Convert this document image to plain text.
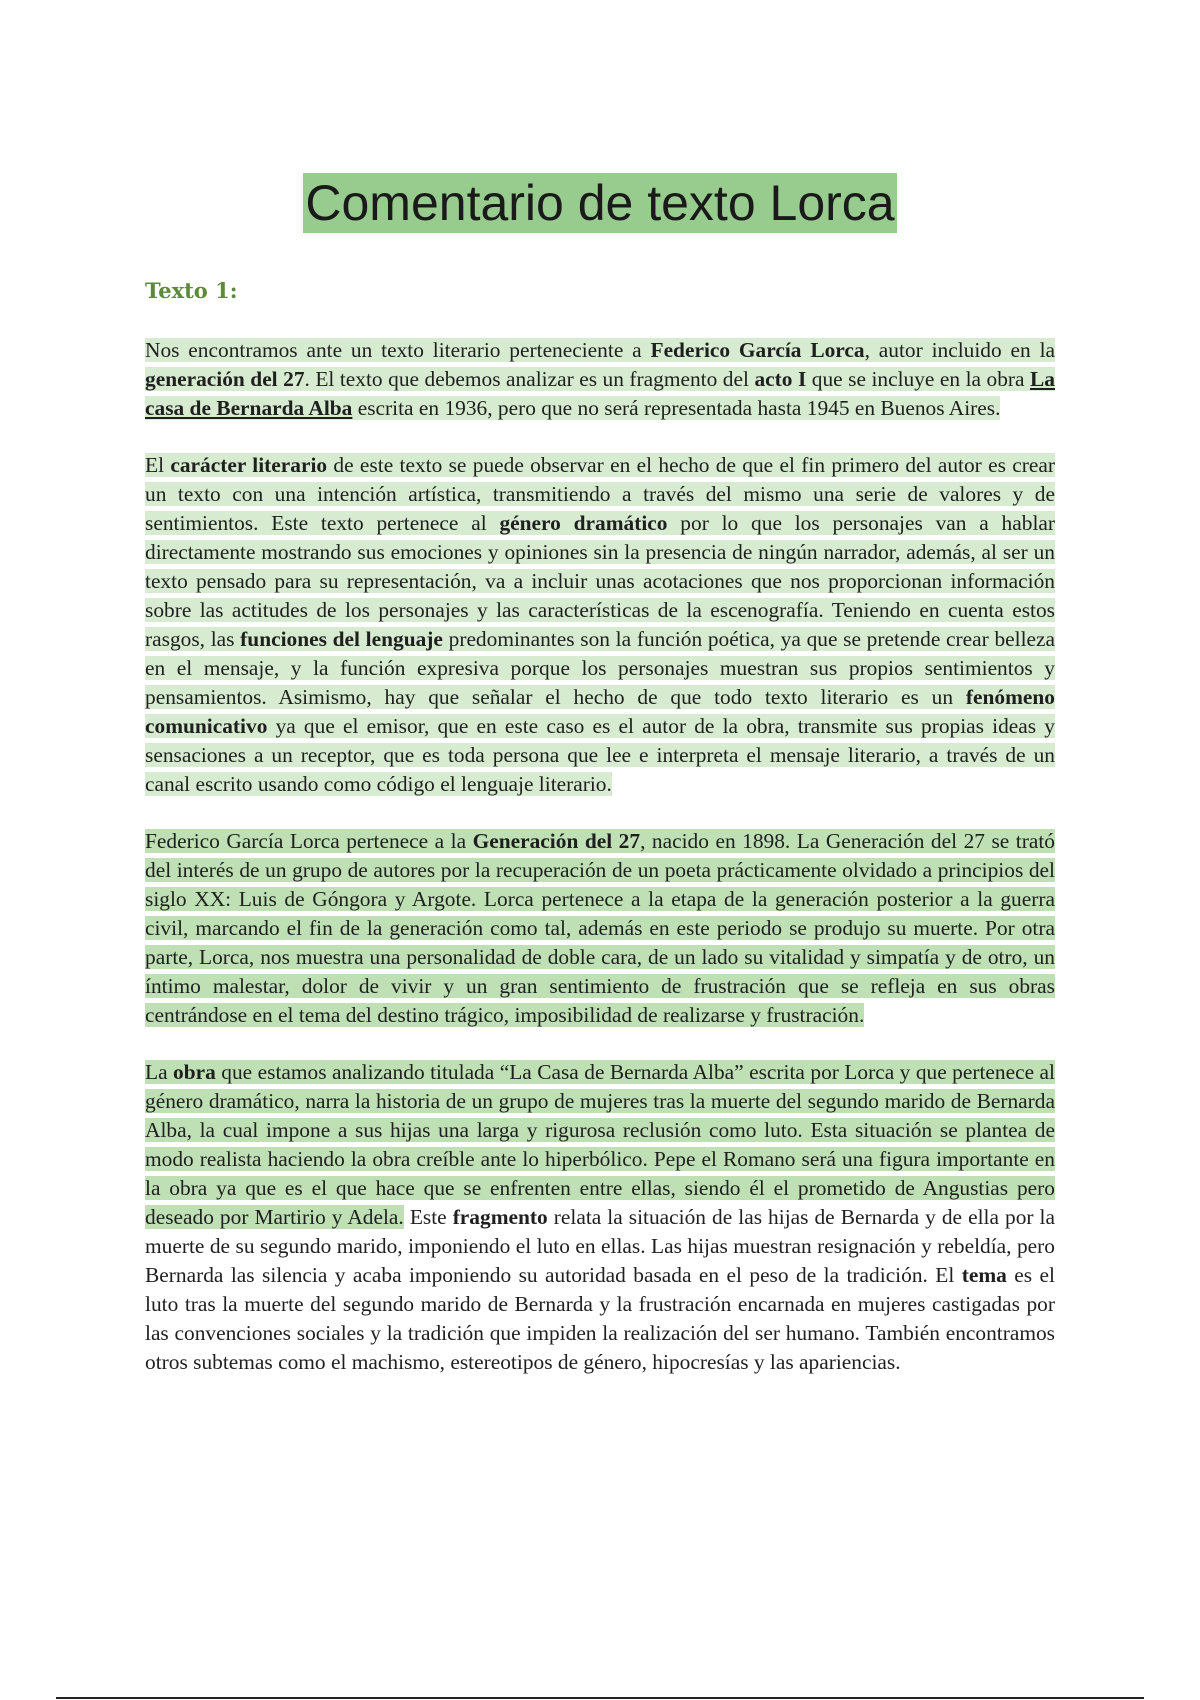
Comentario de texto Lorca
Texto 1:

Nos encontramos ante un texto literario perteneciente a Federico García Lorca, autor incluido en la generación del 27. El texto que debemos analizar es un fragmento del acto I que se incluye en la obra La casa de Bernarda Alba escrita en 1936, pero que no será representada hasta 1945 en Buenos Aires.

El carácter literario de este texto se puede observar en el hecho de que el fin primero del autor es crear un texto con una intención artística, transmitiendo a través del mismo una serie de valores y de sentimientos. Este texto pertenece al género dramático por lo que los personajes van a hablar directamente mostrando sus emociones y opiniones sin la presencia de ningún narrador, además, al ser un texto pensado para su representación, va a incluir unas acotaciones que nos proporcionan información sobre las actitudes de los personajes y las características de la escenografía. Teniendo en cuenta estos rasgos, las funciones del lenguaje predominantes son la función poética, ya que se pretende crear belleza en el mensaje, y la función expresiva porque los personajes muestran sus propios sentimientos y pensamientos. Asimismo, hay que señalar el hecho de que todo texto literario es un fenómeno comunicativo ya que el emisor, que en este caso es el autor de la obra, transmite sus propias ideas y sensaciones a un receptor, que es toda persona que lee e interpreta el mensaje literario, a través de un canal escrito usando como código el lenguaje literario.

Federico García Lorca pertenece a la Generación del 27, nacido en 1898. La Generación del 27 se trató del interés de un grupo de autores por la recuperación de un poeta prácticamente olvidado a principios del siglo XX: Luis de Góngora y Argote. Lorca pertenece a la etapa de la generación posterior a la guerra civil, marcando el fin de la generación como tal, además en este periodo se produjo su muerte. Por otra parte, Lorca, nos muestra una personalidad de doble cara, de un lado su vitalidad y simpatía y de otro, un íntimo malestar, dolor de vivir y un gran sentimiento de frustración que se refleja en sus obras centrándose en el tema del destino trágico, imposibilidad de realizarse y frustración.

La obra que estamos analizando titulada “La Casa de Bernarda Alba” escrita por Lorca y que pertenece al género dramático, narra la historia de un grupo de mujeres tras la muerte del segundo marido de Bernarda Alba, la cual impone a sus hijas una larga y rigurosa reclusión como luto. Esta situación se plantea de modo realista haciendo la obra creíble ante lo hiperbólico. Pepe el Romano será una figura importante en la obra ya que es el que hace que se enfrenten entre ellas, siendo él el prometido de Angustias pero deseado por Martirio y Adela. Este fragmento relata la situación de las hijas de Bernarda y de ella por la muerte de su segundo marido, imponiendo el luto en ellas. Las hijas muestran resignación y rebeldía, pero Bernarda las silencia y acaba imponiendo su autoridad basada en el peso de la tradición. El tema es el luto tras la muerte del segundo marido de Bernarda y la frustración encarnada en mujeres castigadas por las convenciones sociales y la tradición que impiden la realización del ser humano. También encontramos otros subtemas como el machismo, estereotipos de género, hipocresías y las apariencias.
